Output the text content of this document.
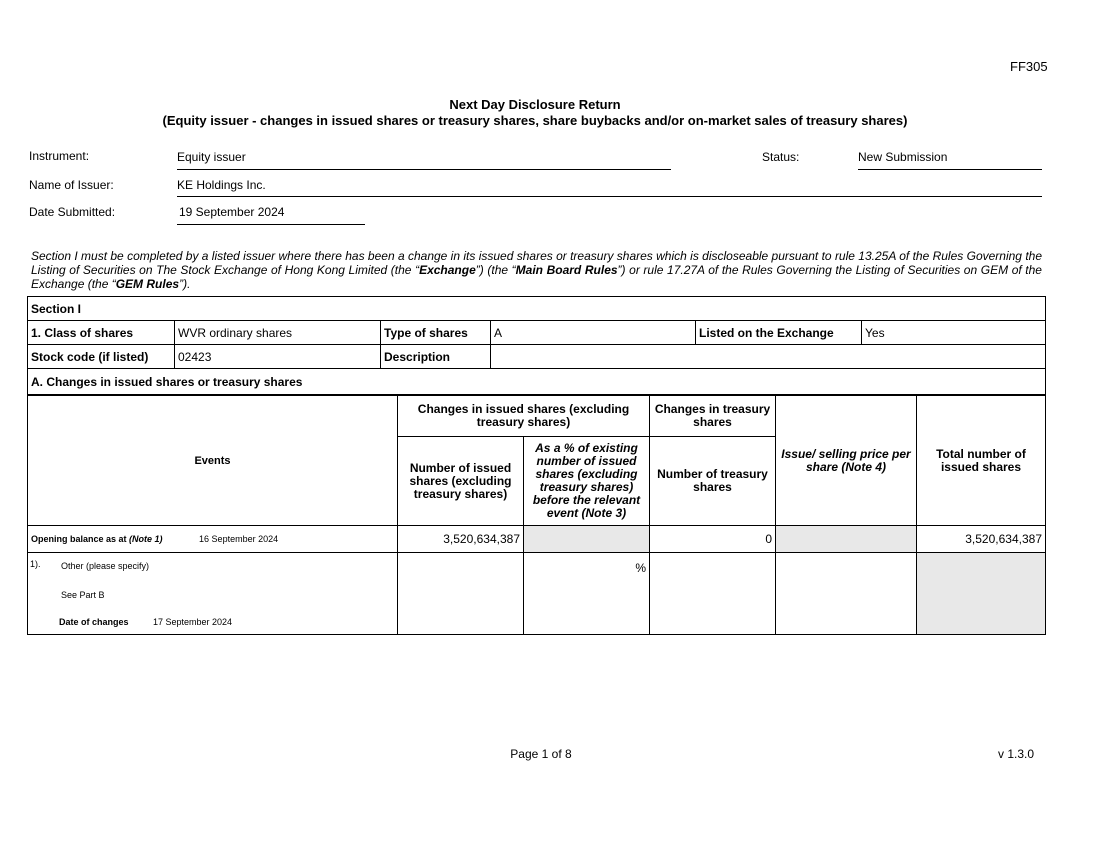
FF305
Next Day Disclosure Return
(Equity issuer - changes in issued shares or treasury shares, share buybacks and/or on-market sales of treasury shares)
Instrument:	Equity issuer	Status:	New Submission
Name of Issuer:	KE Holdings Inc.
Date Submitted:	19 September 2024
Section I must be completed by a listed issuer where there has been a change in its issued shares or treasury shares which is discloseable pursuant to rule 13.25A of the Rules Governing the Listing of Securities on The Stock Exchange of Hong Kong Limited (the “Exchange”) (the “Main Board Rules”) or rule 17.27A of the Rules Governing the Listing of Securities on GEM of the Exchange (the “GEM Rules”).
Section I					
1. Class of shares	WVR ordinary shares	Type of shares	A	Listed on the Exchange	Yes
Stock code (if listed)	02423	Description			
A. Changes in issued shares or treasury shares					
Events	Changes in issued shares (excluding treasury shares)		Changes in treasury shares	Issue/ selling price per share (Note 4)	Total number of issued shares
	Number of issued shares (excluding treasury shares)	As a % of existing number of issued shares (excluding treasury shares) before the relevant event (Note 3)	Number of treasury shares		
Opening balance as at (Note 1) 16 September 2024	3,520,634,387		0		3,520,634,387

1). Other (please specify)
See Part B
Date of changes 17 September 2024		%			
Page 1 of 8	v 1.3.0
